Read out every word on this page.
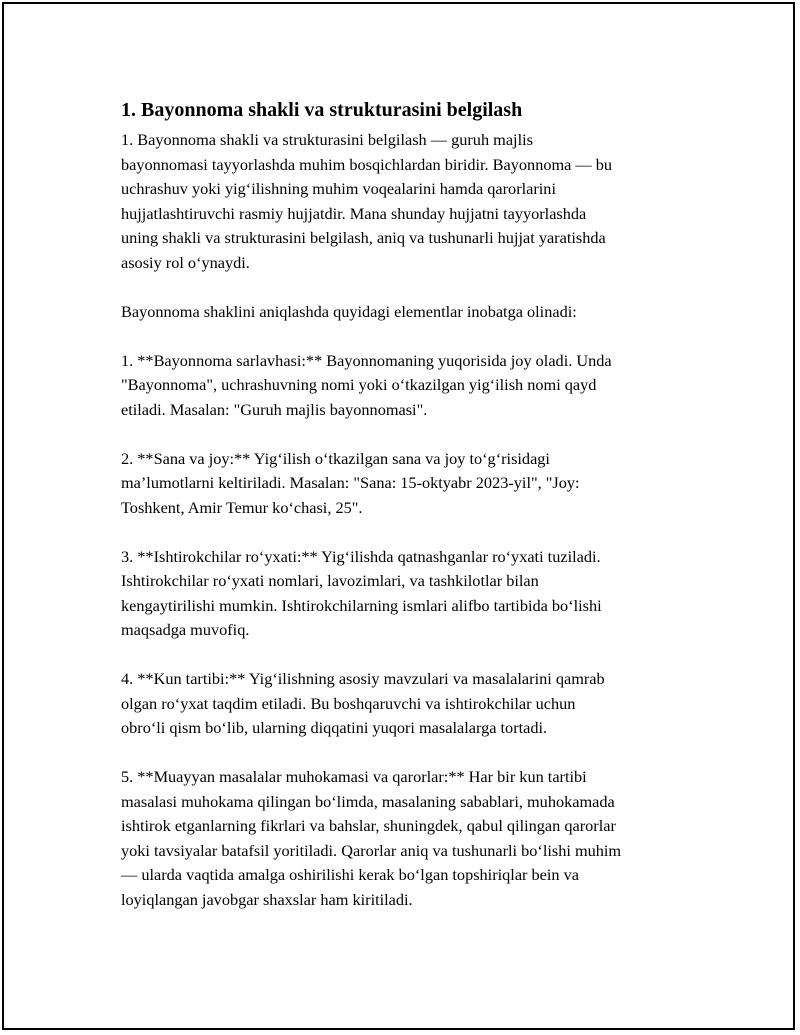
1. Bayonnoma shakli va strukturasini belgilash

1. Bayonnoma shakli va strukturasini belgilash — guruh majlis
bayonnomasi tayyorlashda muhim bosqichlardan biridir. Bayonnoma — bu
uchrashuv yoki yig‘ilishning muhim voqealarini hamda qarorlarini
hujjatlashtiruvchi rasmiy hujjatdir. Mana shunday hujjatni tayyorlashda
uning shakli va strukturasini belgilash, aniq va tushunarli hujjat yaratishda
asosiy rol o‘ynaydi.

Bayonnoma shaklini aniqlashda quyidagi elementlar inobatga olinadi:

1. **Bayonnoma sarlavhasi:** Bayonnomaning yuqorisida joy oladi. Unda
"Bayonnoma", uchrashuvning nomi yoki o‘tkazilgan yig‘ilish nomi qayd
etiladi. Masalan: "Guruh majlis bayonnomasi".

2. **Sana va joy:** Yig‘ilish o‘tkazilgan sana va joy to‘g‘risidagi
ma’lumotlarni keltiriladi. Masalan: "Sana: 15-oktyabr 2023-yil", "Joy:
Toshkent, Amir Temur ko‘chasi, 25".

3. **Ishtirokchilar ro‘yxati:** Yig‘ilishda qatnashganlar ro‘yxati tuziladi.
Ishtirokchilar ro‘yxati nomlari, lavozimlari, va tashkilotlar bilan
kengaytirilishi mumkin. Ishtirokchilarning ismlari alifbo tartibida bo‘lishi
maqsadga muvofiq.

4. **Kun tartibi:** Yig‘ilishning asosiy mavzulari va masalalarini qamrab
olgan ro‘yxat taqdim etiladi. Bu boshqaruvchi va ishtirokchilar uchun
obro‘li qism bo‘lib, ularning diqqatini yuqori masalalarga tortadi.

5. **Muayyan masalalar muhokamasi va qarorlar:** Har bir kun tartibi
masalasi muhokama qilingan bo‘limda, masalaning sabablari, muhokamada
ishtirok etganlarning fikrlari va bahslar, shuningdek, qabul qilingan qarorlar
yoki tavsiyalar batafsil yoritiladi. Qarorlar aniq va tushunarli bo‘lishi muhim
— ularda vaqtida amalga oshirilishi kerak bo‘lgan topshiriqlar bein va
loyiqlangan javobgar shaxslar ham kiritiladi.
